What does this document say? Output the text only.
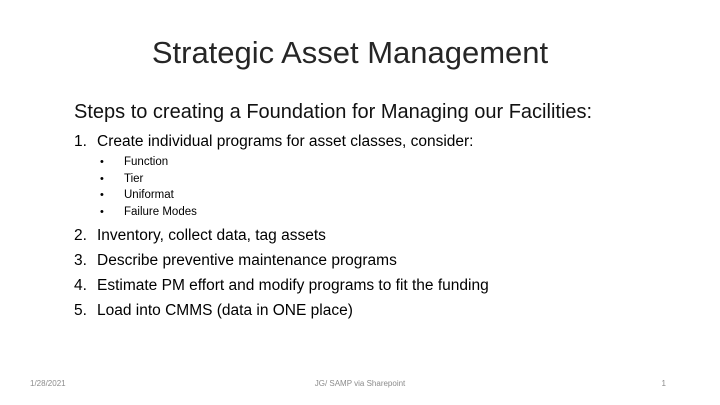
Strategic Asset Management
Steps to creating a Foundation for Managing our Facilities:
1. Create individual programs for asset classes, consider:
• Function
• Tier
• Uniformat
• Failure Modes
2. Inventory, collect data, tag assets
3. Describe preventive maintenance programs
4. Estimate PM effort and modify programs to fit the funding
5. Load into CMMS (data in ONE place)
1/28/2021	JG/ SAMP via Sharepoint	1
